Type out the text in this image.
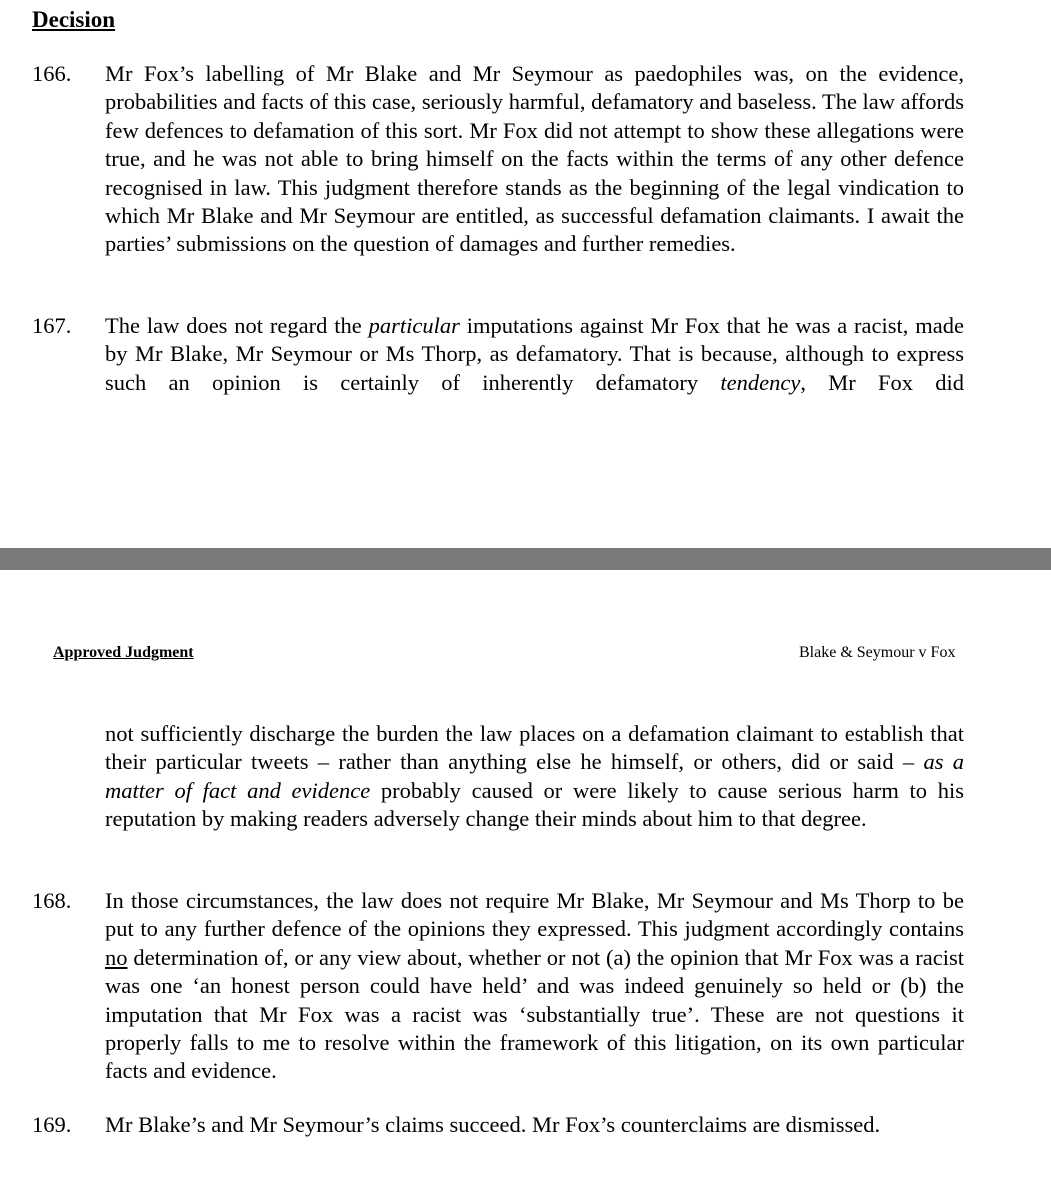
Decision
166. Mr Fox’s labelling of Mr Blake and Mr Seymour as paedophiles was, on the evidence, probabilities and facts of this case, seriously harmful, defamatory and baseless. The law affords few defences to defamation of this sort. Mr Fox did not attempt to show these allegations were true, and he was not able to bring himself on the facts within the terms of any other defence recognised in law. This judgment therefore stands as the beginning of the legal vindication to which Mr Blake and Mr Seymour are entitled, as successful defamation claimants. I await the parties’ submissions on the question of damages and further remedies.
167. The law does not regard the particular imputations against Mr Fox that he was a racist, made by Mr Blake, Mr Seymour or Ms Thorp, as defamatory. That is because, although to express such an opinion is certainly of inherently defamatory tendency, Mr Fox did
Approved Judgment	Blake & Seymour v Fox
not sufficiently discharge the burden the law places on a defamation claimant to establish that their particular tweets – rather than anything else he himself, or others, did or said – as a matter of fact and evidence probably caused or were likely to cause serious harm to his reputation by making readers adversely change their minds about him to that degree.
168. In those circumstances, the law does not require Mr Blake, Mr Seymour and Ms Thorp to be put to any further defence of the opinions they expressed. This judgment accordingly contains no determination of, or any view about, whether or not (a) the opinion that Mr Fox was a racist was one ‘an honest person could have held’ and was indeed genuinely so held or (b) the imputation that Mr Fox was a racist was ‘substantially true’. These are not questions it properly falls to me to resolve within the framework of this litigation, on its own particular facts and evidence.
169. Mr Blake’s and Mr Seymour’s claims succeed. Mr Fox’s counterclaims are dismissed.
